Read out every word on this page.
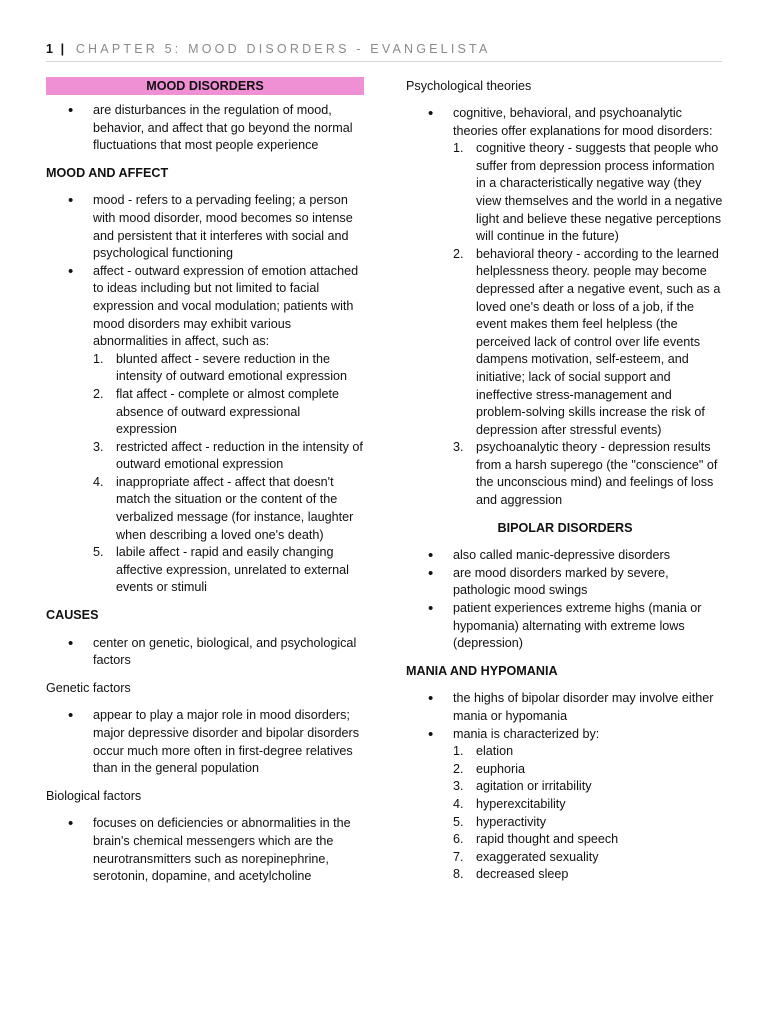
1 | CHAPTER 5: MOOD DISORDERS - EVANGELISTA
MOOD DISORDERS
• are disturbances in the regulation of mood, behavior, and affect that go beyond the normal fluctuations that most people experience
MOOD AND AFFECT
• mood - refers to a pervading feeling; a person with mood disorder, mood becomes so intense and persistent that it interferes with social and psychological functioning
• affect - outward expression of emotion attached to ideas including but not limited to facial expression and vocal modulation; patients with mood disorders may exhibit various abnormalities in affect, such as:
1. blunted affect - severe reduction in the intensity of outward emotional expression
2. flat affect - complete or almost complete absence of outward expressional expression
3. restricted affect - reduction in the intensity of outward emotional expression
4. inappropriate affect - affect that doesn't match the situation or the content of the verbalized message (for instance, laughter when describing a loved one's death)
5. labile affect - rapid and easily changing affective expression, unrelated to external events or stimuli
CAUSES
• center on genetic, biological, and psychological factors
Genetic factors
• appear to play a major role in mood disorders; major depressive disorder and bipolar disorders occur much more often in first-degree relatives than in the general population
Biological factors
• focuses on deficiencies or abnormalities in the brain's chemical messengers which are the neurotransmitters such as norepinephrine, serotonin, dopamine, and acetylcholine
Psychological theories
• cognitive, behavioral, and psychoanalytic theories offer explanations for mood disorders:
1. cognitive theory - suggests that people who suffer from depression process information in a characteristically negative way (they view themselves and the world in a negative light and believe these negative perceptions will continue in the future)
2. behavioral theory - according to the learned helplessness theory. people may become depressed after a negative event, such as a loved one's death or loss of a job, if the event makes them feel helpless (the perceived lack of control over life events dampens motivation, self-esteem, and initiative; lack of social support and ineffective stress-management and problem-solving skills increase the risk of depression after stressful events)
3. psychoanalytic theory - depression results from a harsh superego (the "conscience" of the unconscious mind) and feelings of loss and aggression
BIPOLAR DISORDERS
• also called manic-depressive disorders
• are mood disorders marked by severe, pathologic mood swings
• patient experiences extreme highs (mania or hypomania) alternating with extreme lows (depression)
MANIA AND HYPOMANIA
• the highs of bipolar disorder may involve either mania or hypomania
• mania is characterized by:
1. elation
2. euphoria
3. agitation or irritability
4. hyperexcitability
5. hyperactivity
6. rapid thought and speech
7. exaggerated sexuality
8. decreased sleep
